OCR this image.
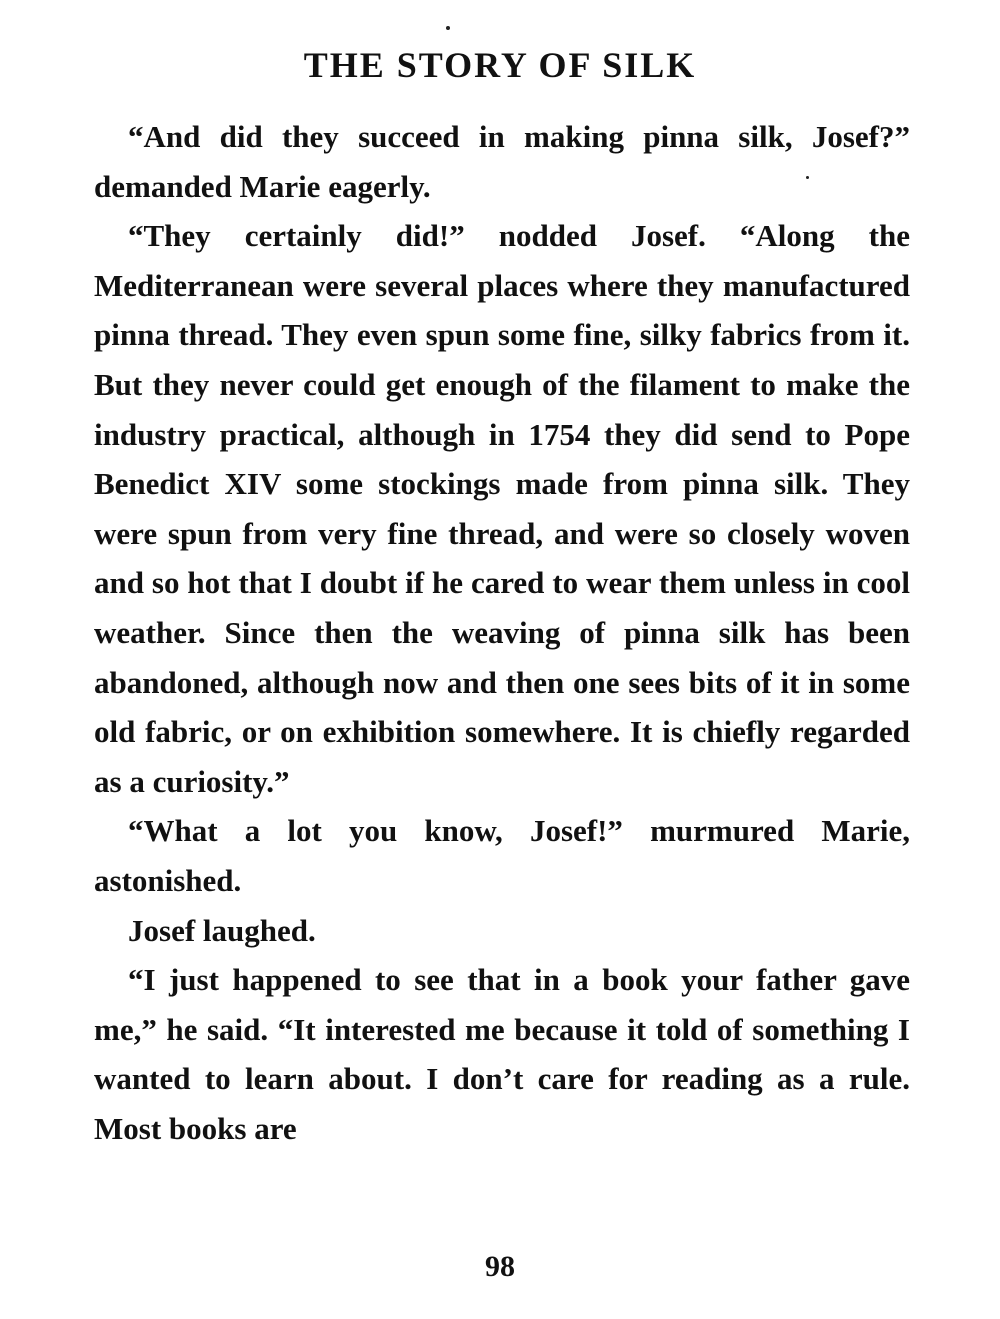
THE STORY OF SILK

“And did they succeed in making pinna silk, Josef?” demanded Marie eagerly.

“They certainly did!” nodded Josef. “Along the Mediterranean were several places where they manufactured pinna thread. They even spun some fine, silky fabrics from it. But they never could get enough of the filament to make the industry practical, although in 1754 they did send to Pope Benedict XIV some stockings made from pinna silk. They were spun from very fine thread, and were so closely woven and so hot that I doubt if he cared to wear them unless in cool weather. Since then the weaving of pinna silk has been abandoned, although now and then one sees bits of it in some old fabric, or on exhibition somewhere. It is chiefly regarded as a curiosity.”

“What a lot you know, Josef!” murmured Marie, astonished.

Josef laughed.

“I just happened to see that in a book your father gave me,” he said. “It interested me because it told of something I wanted to learn about. I don’t care for reading as a rule. Most books are

98
